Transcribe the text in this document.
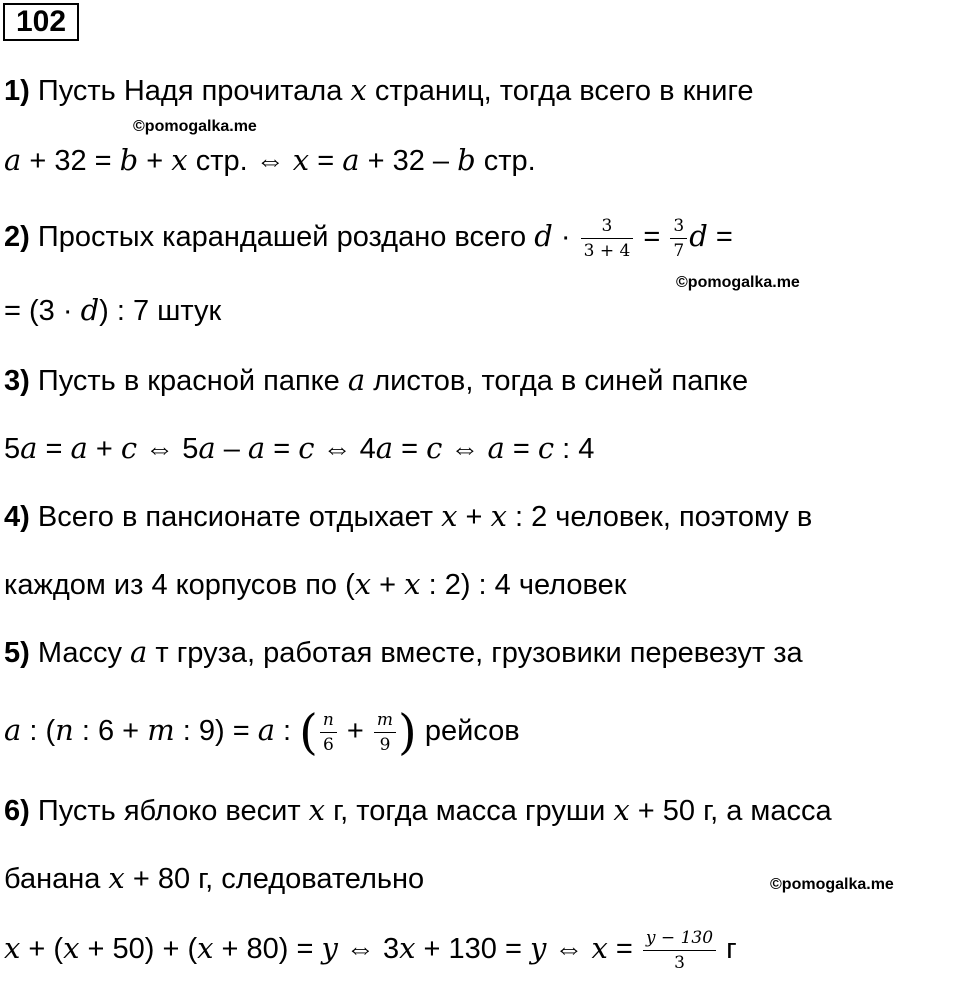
102
1) Пусть Надя прочитала x страниц, тогда всего в книге
©pomogalka.me
a + 32 = b + x стр. ⇔ x = a + 32 – b стр.
2) Простых карандашей роздано всего $d \cdot \frac{3}{3 + 4} = \frac{3}{7}$ d =
©pomogalka.me
= (3 · d) : 7 штук
3) Пусть в красной папке a листов, тогда в синей папке
5a = a + c ⇔ 5a – a = c ⇔ 4a = c ⇔ a = c : 4
4) Всего в пансионате отдыхает x + x : 2 человек, поэтому в
каждом из 4 корпусов по (x + x : 2) : 4 человек
5) Массу a т груза, работая вместе, грузовики перевезут за
a : (n : 6 + m : 9) = a : ( $\frac{n}{6} + \frac{m}{9}$ ) рейсов
6) Пусть яблоко весит x г, тогда масса груши x + 50 г, а масса
банана x + 80 г, следовательно	©pomogalka.me
x + (x + 50) + (x + 80) = y ⇔ 3x + 130 = y ⇔ $x = \frac{y - 130}{3}$ г
